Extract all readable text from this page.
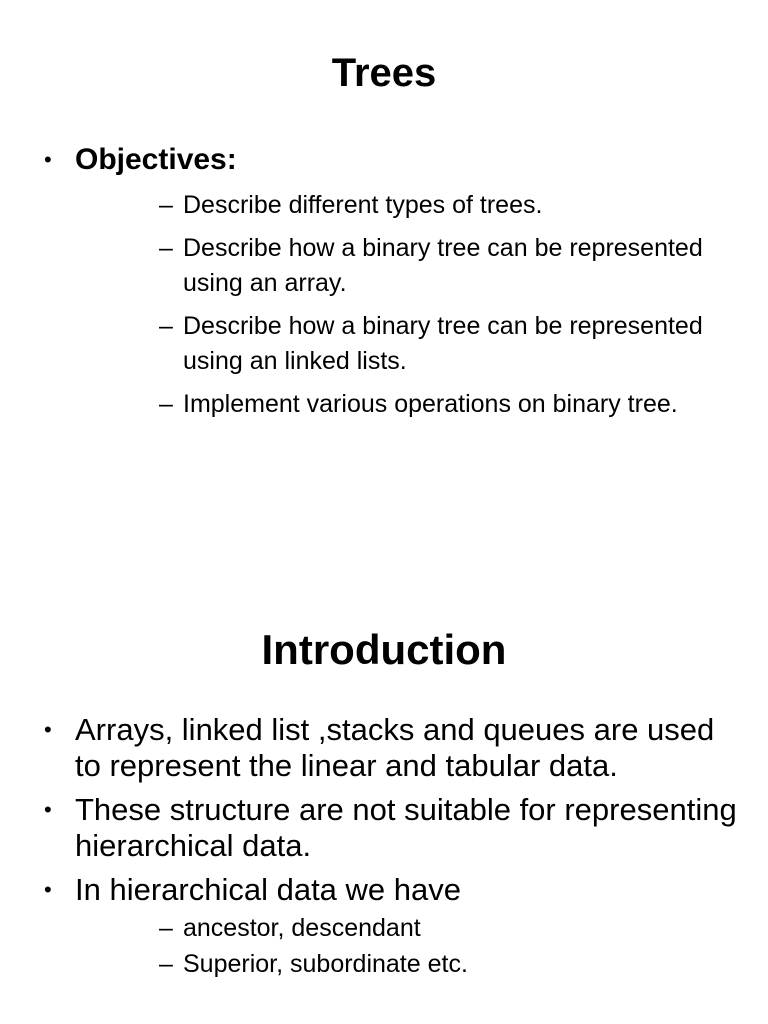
Trees
• Objectives:
– Describe different types of trees.
– Describe how a binary tree can be represented using an array.
– Describe how a binary tree can be represented using an linked lists.
– Implement various operations on binary tree.
Introduction
• Arrays, linked list ,stacks and queues are used to represent the linear and tabular data.
• These structure are not suitable for representing hierarchical data.
• In hierarchical data we have
– ancestor, descendant
– Superior, subordinate etc.
